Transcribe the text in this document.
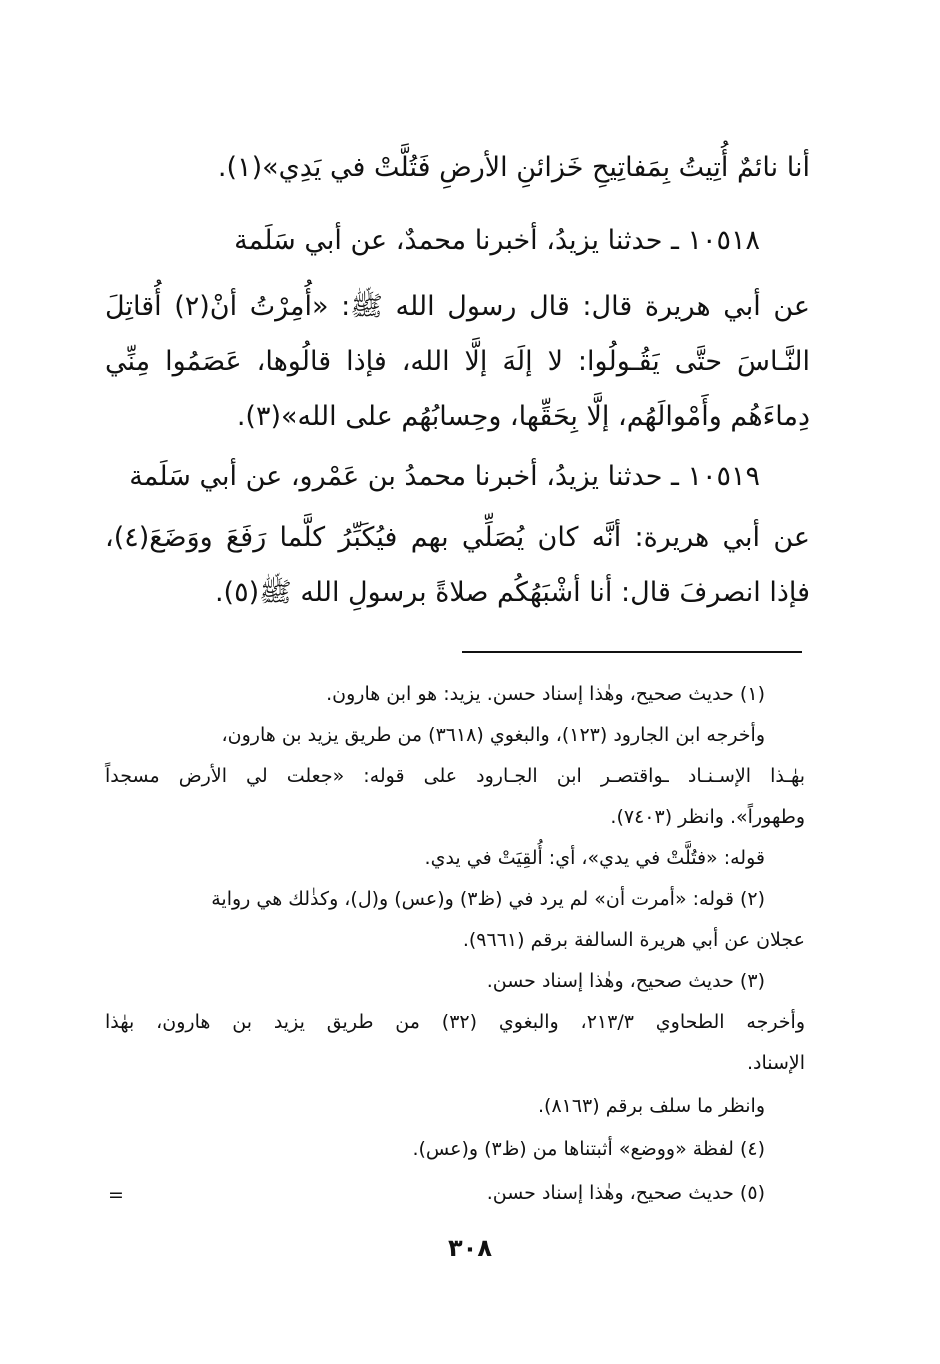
أنا نائمٌ أُتِيتُ بِمَفاتِيحِ خَزائنِ الأرضِ فَتُلَّتْ في يَدِي»(١).
١٠٥١٨ ـ حدثنا يزيدُ، أخبرنا محمدٌ، عن أبي سَلَمة
عن أبي هريرة قال: قال رسول الله ﷺ: «أُمِرْتُ أنْ(٢) أُقاتِلَ
النَّـاسَ حتَّى يَقُـولُوا: لا إلَهَ إلَّا الله، فإذا قالُوها، عَصَمُوا مِنِّي
دِماءَهُم وأَمْوالَهُم، إلَّا بِحَقِّها، وحِسابُهُم على الله»(٣).
١٠٥١٩ ـ حدثنا يزيدُ، أخبرنا محمدُ بن عَمْرو، عن أبي سَلَمة
عن أبي هريرة: أنَّه كان يُصَلِّي بهم فيُكَبِّرُ كلَّما رَفَعَ ووَضَعَ(٤)،
فإذا انصرفَ قال: أنا أشْبَهُكُم صلاةً برسولِ الله ﷺ(٥).
(١) حديث صحيح، وهٰذا إسناد حسن. يزيد: هو ابن هارون.
وأخرجه ابن الجارود (١٢٣)، والبغوي (٣٦١٨) من طريق يزيد بن هارون،
بهٰـذا الإسـنـاد ـواقتصـر ابن الجـارود على قوله: «جعلت لي الأرض مسجداً
وطهوراً». وانظر (٧٤٠٣).
قوله: «فتُلَّتْ في يدي»، أي: أُلقِيَتْ في يدي.
(٢) قوله: «أمرت أن» لم يرد في (ظ٣) و(عس) و(ل)، وكذٰلك هي رواية
عجلان عن أبي هريرة السالفة برقم (٩٦٦١).
(٣) حديث صحيح، وهٰذا إسناد حسن.
وأخرجه الطحاوي ٢١٣/٣، والبغوي (٣٢) من طريق يزيد بن هارون، بهٰذا
الإسناد.
وانظر ما سلف برقم (٨١٦٣).
(٤) لفظة «ووضع» أثبتناها من (ظ٣) و(عس).
(٥) حديث صحيح، وهٰذا إسناد حسن.
=
٣٠٨
